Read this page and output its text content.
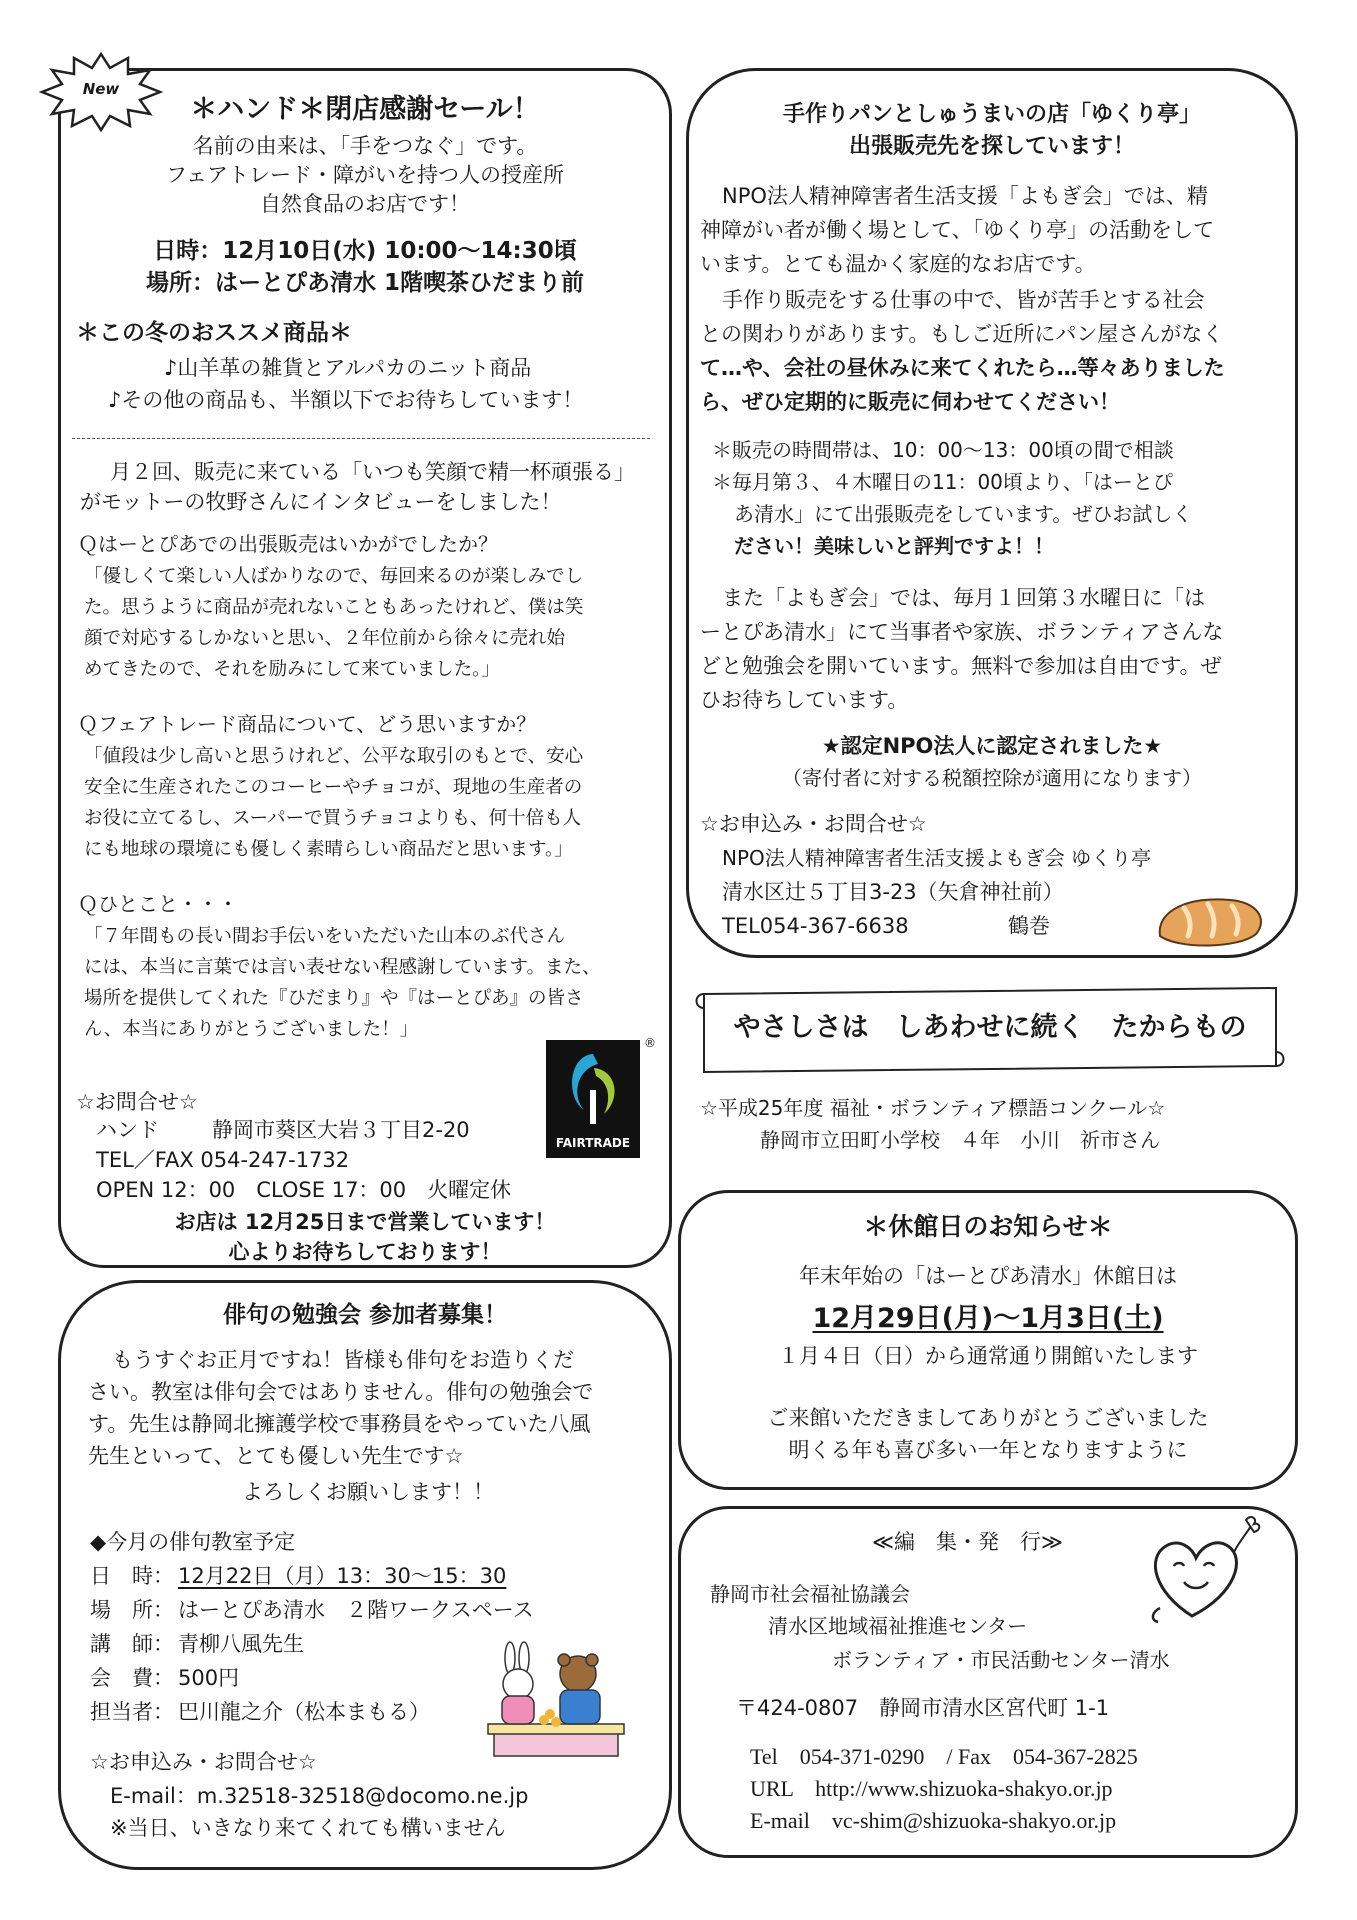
New
＊ハンド＊閉店感謝セール！
名前の由来は、「手をつなぐ」です。
フェアトレード・障がいを持つ人の授産所
自然食品のお店です！
日時：12月10日(水) 10:00〜14:30頃
場所：はーとぴあ清水 1階喫茶ひだまり前
＊この冬のおススメ商品＊
♪山羊革の雑貨とアルパカのニット商品
♪その他の商品も、半額以下でお待ちしています！
月２回、販売に来ている「いつも笑顔で精一杯頑張る」
がモットーの牧野さんにインタビューをしました！
Ｑはーとぴあでの出張販売はいかがでしたか？
「優しくて楽しい人ばかりなので、毎回来るのが楽しみでし
た。思うように商品が売れないこともあったけれど、僕は笑
顔で対応するしかないと思い、２年位前から徐々に売れ始
めてきたので、それを励みにして来ていました。」
Ｑフェアトレード商品について、どう思いますか？
「値段は少し高いと思うけれど、公平な取引のもとで、安心
安全に生産されたこのコーヒーやチョコが、現地の生産者の
お役に立てるし、スーパーで買うチョコよりも、何十倍も人
にも地球の環境にも優しく素晴らしい商品だと思います。」
Ｑひとこと・・・
「７年間もの長い間お手伝いをいただいた山本のぶ代さん
には、本当に言葉では言い表せない程感謝しています。また、
場所を提供してくれた『ひだまり』や『はーとぴあ』の皆さ
ん、本当にありがとうございました！」
FAIRTRADE
®
☆お問合せ☆
ハンド	静岡市葵区大岩３丁目2-20
TEL／FAX 054-247-1732
OPEN 12：00　CLOSE 17：00　火曜定休
お店は 12月25日まで営業しています！
心よりお待ちしております！
俳句の勉強会 参加者募集！
もうすぐお正月ですね！皆様も俳句をお造りくだ
さい。教室は俳句会ではありません。俳句の勉強会で
す。先生は静岡北擁護学校で事務員をやっていた八風
先生といって、とても優しい先生です☆
よろしくお願いします！！
◆今月の俳句教室予定
日　時： 12月22日（月）13：30〜15：30
場　所： はーとぴあ清水　２階ワークスペース
講　師： 青柳八風先生
会　費： 500円
担当者： 巴川龍之介（松本まもる）
☆お申込み・お問合せ☆
E-mail：m.32518-32518@docomo.ne.jp
※当日、いきなり来てくれても構いません
手作りパンとしゅうまいの店「ゆくり亭」
出張販売先を探しています！
NPO法人精神障害者生活支援「よもぎ会」では、精
神障がい者が働く場として、「ゆくり亭」の活動をして
います。とても温かく家庭的なお店です。
手作り販売をする仕事の中で、皆が苦手とする社会
との関わりがあります。もしご近所にパン屋さんがなく
て…や、会社の昼休みに来てくれたら…等々ありました
ら、ぜひ定期的に販売に伺わせてください！
＊販売の時間帯は、10：00〜13：00頃の間で相談
＊毎月第３、４木曜日の11：00頃より、「はーとぴ
あ清水」にて出張販売をしています。ぜひお試しく
ださい！美味しいと評判ですよ！！
また「よもぎ会」では、毎月１回第３水曜日に「は
ーとぴあ清水」にて当事者や家族、ボランティアさんな
どと勉強会を開いています。無料で参加は自由です。ぜ
ひお待ちしています。
★認定NPO法人に認定されました★
（寄付者に対する税額控除が適用になります）
☆お申込み・お問合せ☆
NPO法人精神障害者生活支援よもぎ会 ゆくり亭
清水区辻５丁目3-23（矢倉神社前）
TEL054-367-6638	鶴巻
やさしさは　しあわせに続く　たからもの
☆平成25年度 福祉・ボランティア標語コンクール☆
静岡市立田町小学校　４年　小川　祈市さん
＊休館日のお知らせ＊
年末年始の「はーとぴあ清水」休館日は
12月29日(月)〜1月3日(土)
１月４日（日）から通常通り開館いたします
ご来館いただきましてありがとうございました
明くる年も喜び多い一年となりますように
≪編　集・発　行≫
静岡市社会福祉協議会
清水区地域福祉推進センター
ボランティア・市民活動センター清水
〒424-0807　静岡市清水区宮代町 1-1
Tel　054-371-0290　/ Fax　054-367-2825
URL　http://www.shizuoka-shakyo.or.jp
E-mail　vc-shim@shizuoka-shakyo.or.jp
